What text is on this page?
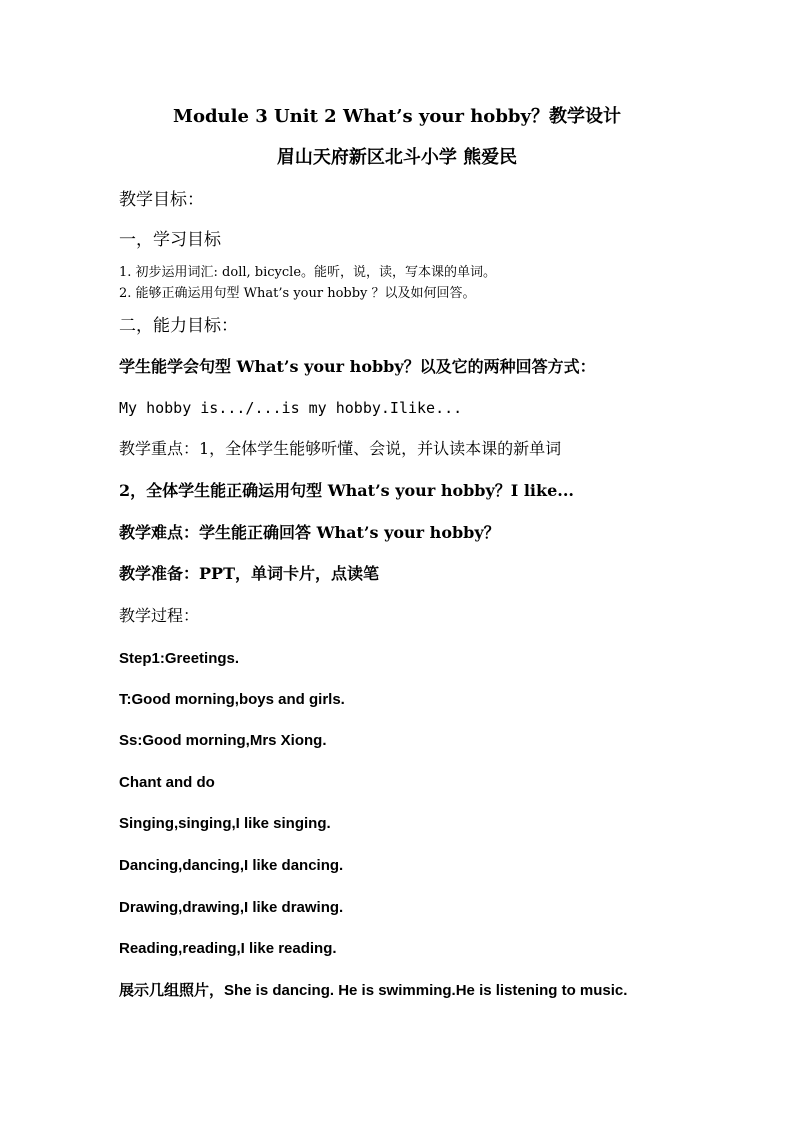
Module 3 Unit 2 What’s your hobby？教学设计
眉山天府新区北斗小学 熊爱民
教学目标：
一，学习目标
1. 初步运用词汇: doll, bicycle。能听，说，读，写本课的单词。
2. 能够正确运用句型 What’s your hobby ？以及如何回答。
二，能力目标：
学生能学会句型 What’s your hobby？以及它的两种回答方式：
My hobby is.../...is my hobby.Ilike...
教学重点：1，全体学生能够听懂、会说，并认读本课的新单词
2，全体学生能正确运用句型 What’s your hobby？I like...
教学难点：学生能正确回答 What’s your hobby？
教学准备：PPT，单词卡片，点读笔
教学过程：
Step1:Greetings.
T:Good morning,boys and girls.
Ss:Good morning,Mrs Xiong.
Chant and do
Singing,singing,I like singing.
Dancing,dancing,I like dancing.
Drawing,drawing,I like drawing.
Reading,reading,I like reading.
展示几组照片，She is dancing. He is swimming.He is listening to music.
